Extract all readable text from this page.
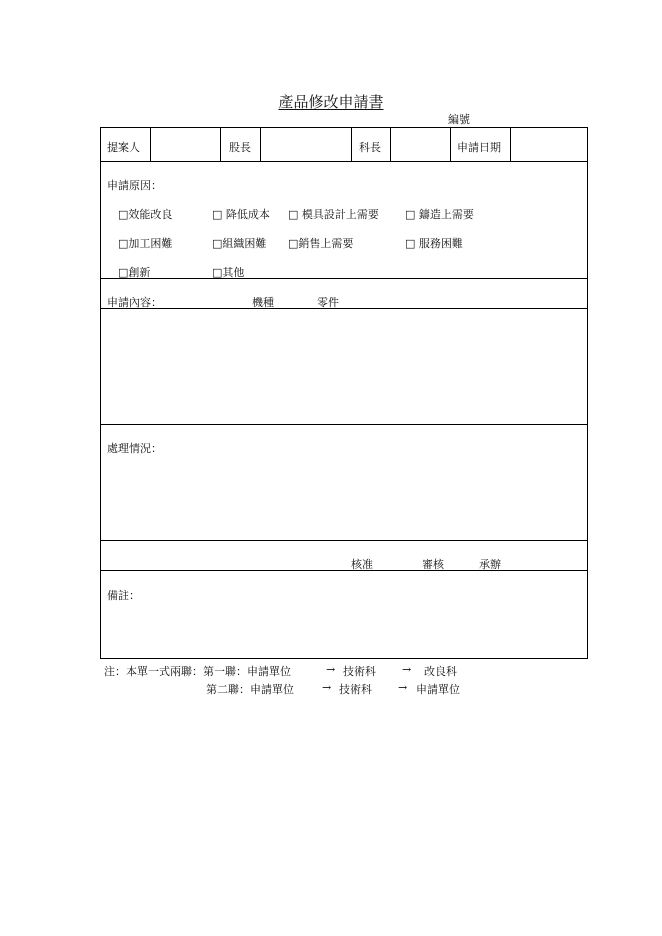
產品修改申請書
編號
提案人	股長	科長	申請日期
申請原因：
□效能改良	□ 降低成本 □ 模具設計上需要 □ 鑄造上需要
□加工困難	□組織困難 □銷售上需要	□ 服務困難
□創新	□其他
申請內容：	機種	零件
處理情況：
核准	審核	承辦
備註：
注：本單一式兩聯：第一聯：申請單位	→ 技術科 → 改良科
第二聯：申請單位	→ 技術科 → 申請單位
